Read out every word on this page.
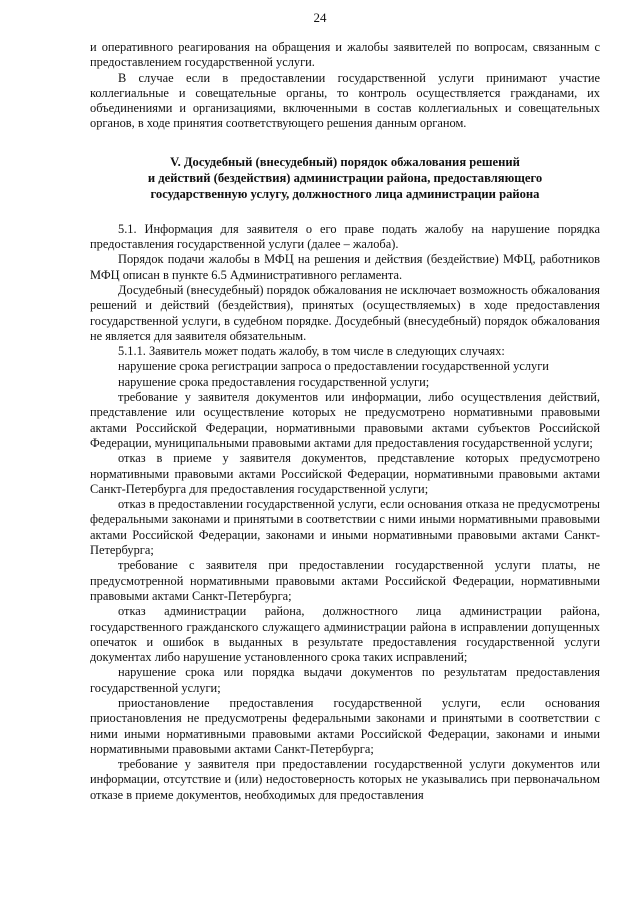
24

и оперативного реагирования на обращения и жалобы заявителей по вопросам, связанным с предоставлением государственной услуги.

В случае если в предоставлении государственной услуги принимают участие коллегиальные и совещательные органы, то контроль осуществляется гражданами, их объединениями и организациями, включенными в состав коллегиальных и совещательных органов, в ходе принятия соответствующего решения данным органом.

V. Досудебный (внесудебный) порядок обжалования решений
и действий (бездействия) администрации района, предоставляющего
государственную услугу, должностного лица администрации района

5.1. Информация для заявителя о его праве подать жалобу на нарушение порядка предоставления государственной услуги (далее – жалоба).

Порядок подачи жалобы в МФЦ на решения и действия (бездействие) МФЦ, работников МФЦ описан в пункте 6.5 Административного регламента.

Досудебный (внесудебный) порядок обжалования не исключает возможность обжалования решений и действий (бездействия), принятых (осуществляемых) в ходе предоставления государственной услуги, в судебном порядке. Досудебный (внесудебный) порядок обжалования не является для заявителя обязательным.

5.1.1. Заявитель может подать жалобу, в том числе в следующих случаях:

нарушение срока регистрации запроса о предоставлении государственной услуги

нарушение срока предоставления государственной услуги;

требование у заявителя документов или информации, либо осуществления действий, представление или осуществление которых не предусмотрено нормативными правовыми актами Российской Федерации, нормативными правовыми актами субъектов Российской Федерации, муниципальными правовыми актами для предоставления государственной услуги;

отказ в приеме у заявителя документов, представление которых предусмотрено нормативными правовыми актами Российской Федерации, нормативными правовыми актами Санкт-Петербурга для предоставления государственной услуги;

отказ в предоставлении государственной услуги, если основания отказа не предусмотрены федеральными законами и принятыми в соответствии с ними иными нормативными правовыми актами Российской Федерации, законами и иными нормативными правовыми актами Санкт-Петербурга;

требование с заявителя при предоставлении государственной услуги платы, не предусмотренной нормативными правовыми актами Российской Федерации, нормативными правовыми актами Санкт-Петербурга;

отказ администрации района, должностного лица администрации района, государственного гражданского служащего администрации района в исправлении допущенных опечаток и ошибок в выданных в результате предоставления государственной услуги документах либо нарушение установленного срока таких исправлений;

нарушение срока или порядка выдачи документов по результатам предоставления государственной услуги;

приостановление предоставления государственной услуги, если основания приостановления не предусмотрены федеральными законами и принятыми в соответствии с ними иными нормативными правовыми актами Российской Федерации, законами и иными нормативными правовыми актами Санкт-Петербурга;

требование у заявителя при предоставлении государственной услуги документов или информации, отсутствие и (или) недостоверность которых не указывались при первоначальном отказе в приеме документов, необходимых для предоставления
